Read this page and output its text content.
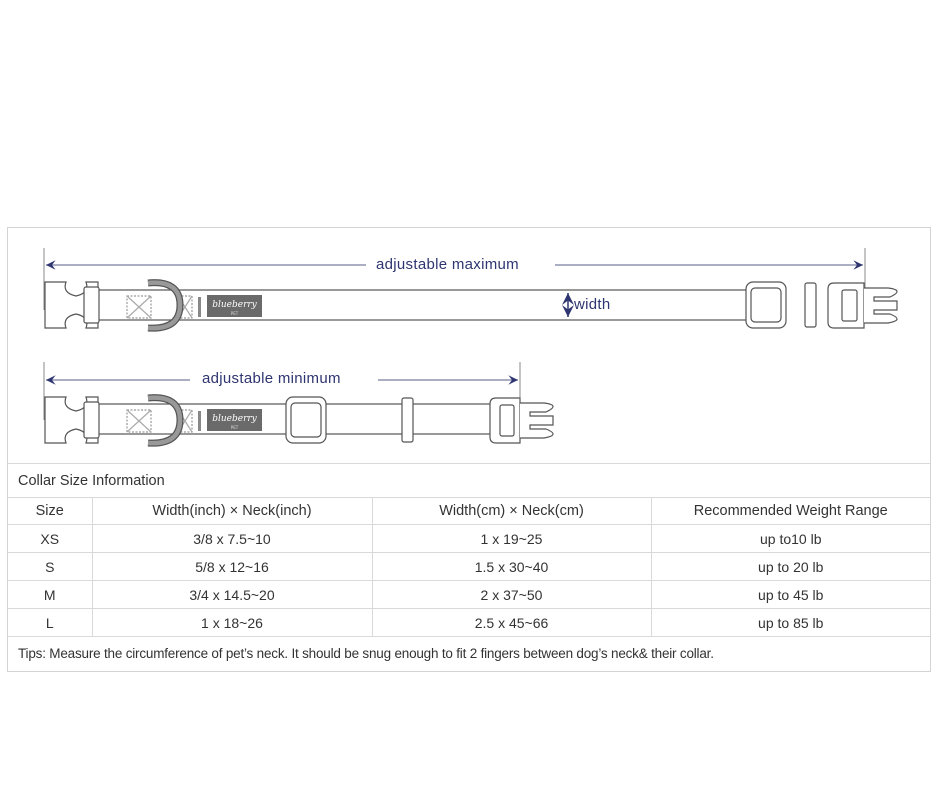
blueberry
PET
blueberry
PET
adjustable maximum
width
adjustable minimum
Collar Size Information			
Size	Width(inch) × Neck(inch)	Width(cm) × Neck(cm)	Recommended Weight Range
XS	3/8 x 7.5~10	1 x 19~25	up to10 lb
S	5/8 x 12~16	1.5 x 30~40	up to 20 lb
M	3/4 x 14.5~20	2 x 37~50	up to 45 lb
L	1 x 18~26	2.5 x 45~66	up to 85 lb
Tips: Measure the circumference of pet’s neck. It should be snug enough to fit 2 fingers between dog’s neck& their collar.			
